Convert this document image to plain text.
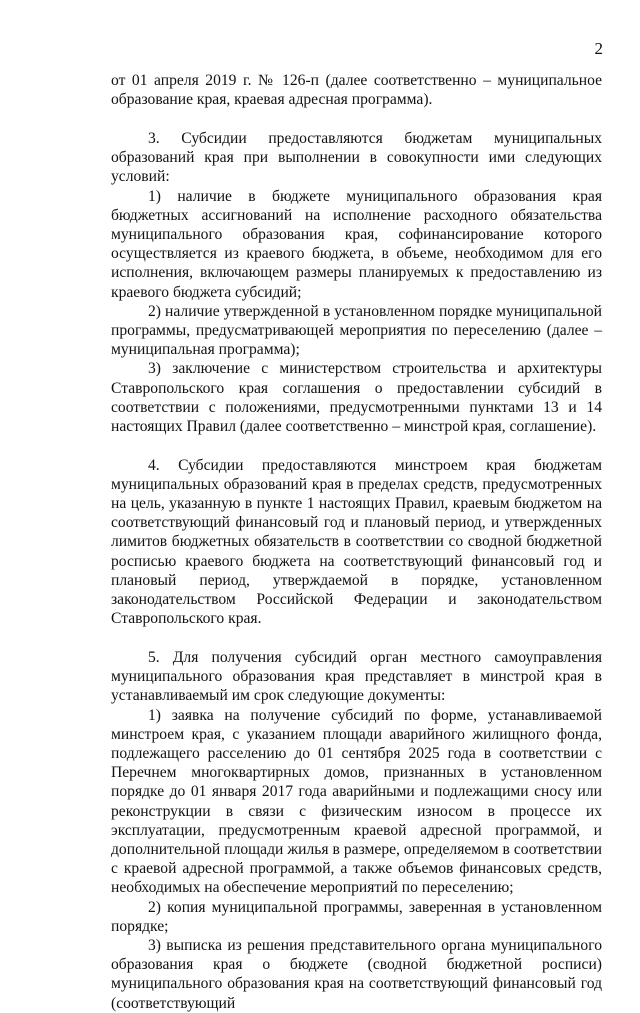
2

от 01 апреля 2019 г. № 126-п (далее соответственно – муниципальное образование края, краевая адресная программа).

3. Субсидии предоставляются бюджетам муниципальных образований края при выполнении в совокупности ими следующих условий:

1) наличие в бюджете муниципального образования края бюджетных ассигнований на исполнение расходного обязательства муниципального образования края, софинансирование которого осуществляется из краевого бюджета, в объеме, необходимом для его исполнения, включающем размеры планируемых к предоставлению из краевого бюджета субсидий;

2) наличие утвержденной в установленном порядке муниципальной программы, предусматривающей мероприятия по переселению (далее – муниципальная программа);

3) заключение с министерством строительства и архитектуры Ставропольского края соглашения о предоставлении субсидий в соответствии с положениями, предусмотренными пунктами 13 и 14 настоящих Правил (далее соответственно – минстрой края, соглашение).

4. Субсидии предоставляются минстроем края бюджетам муниципальных образований края в пределах средств, предусмотренных на цель, указанную в пункте 1 настоящих Правил, краевым бюджетом на соответствующий финансовый год и плановый период, и утвержденных лимитов бюджетных обязательств в соответствии со сводной бюджетной росписью краевого бюджета на соответствующий финансовый год и плановый период, утверждаемой в порядке, установленном законодательством Российской Федерации и законодательством Ставропольского края.

5. Для получения субсидий орган местного самоуправления муниципального образования края представляет в минстрой края в устанавливаемый им срок следующие документы:

1) заявка на получение субсидий по форме, устанавливаемой минстроем края, с указанием площади аварийного жилищного фонда, подлежащего расселению до 01 сентября 2025 года в соответствии с Перечнем многоквартирных домов, признанных в установленном порядке до 01 января 2017 года аварийными и подлежащими сносу или реконструкции в связи с физическим износом в процессе их эксплуатации, предусмотренным краевой адресной программой, и дополнительной площади жилья в размере, определяемом в соответствии с краевой адресной программой, а также объемов финансовых средств, необходимых на обеспечение мероприятий по переселению;

2) копия муниципальной программы, заверенная в установленном порядке;

3) выписка из решения представительного органа муниципального образования края о бюджете (сводной бюджетной росписи) муниципального образования края на соответствующий финансовый год (соответствующий
